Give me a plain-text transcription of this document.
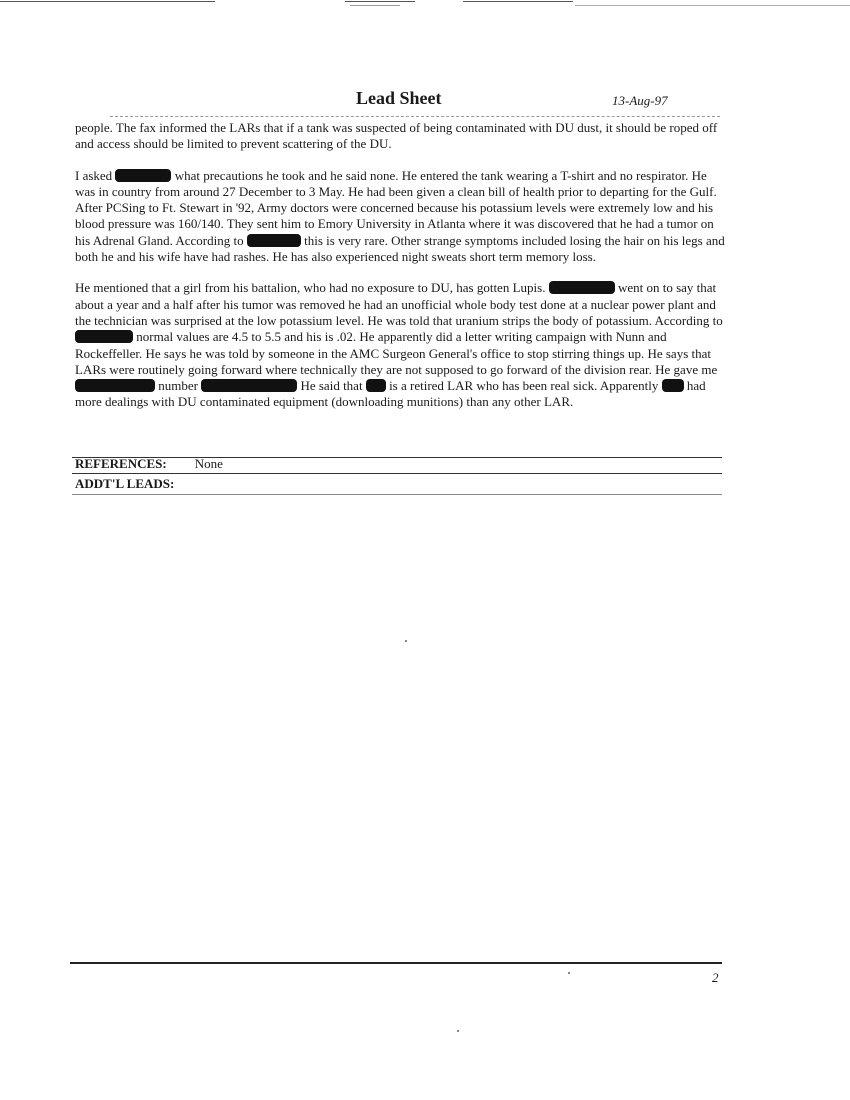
Lead Sheet	13-Aug-97

people. The fax informed the LARs that if a tank was suspected of being contaminated with DU dust, it should be roped off and access should be limited to prevent scattering of the DU.

I asked	what precautions he took and he said none. He entered the tank wearing a T-shirt and no respirator. He was in country from around 27 December to 3 May. He had been given a clean bill of health prior to departing for the Gulf. After PCSing to Ft. Stewart in '92, Army doctors were concerned because his potassium levels were extremely low and his blood pressure was 160/140. They sent him to Emory University in Atlanta where it was discovered that he had a tumor on his Adrenal Gland. According to	this is very rare. Other strange symptoms included losing the hair on his legs and both he and his wife have had rashes. He has also experienced night sweats short term memory loss.

He mentioned that a girl from his battalion, who had no exposure to DU, has gotten Lupis.	went on to say that about a year and a half after his tumor was removed he had an unofficial whole body test done at a nuclear power plant and the technician was surprised at the low potassium level. He was told that uranium strips the body of potassium. According to  normal values are 4.5 to 5.5 and his is .02. He apparently did a letter writing campaign with Nunn and Rockeffeller. He says he was told by someone in the AMC Surgeon General's office to stop stirring things up. He says that LARs were routinely going forward where technically they are not supposed to go forward of the division rear. He gave me  number	He said that is a retired LAR who has been real sick. Apparently had more dealings with DU contaminated equipment (downloading munitions) than any other LAR.

REFERENCES: None
ADDT'L LEADS:
2
